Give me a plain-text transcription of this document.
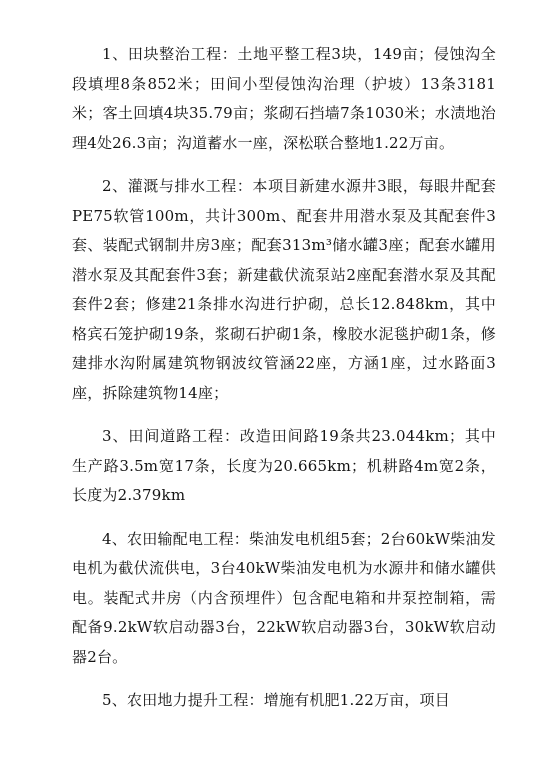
1、田块整治工程：土地平整工程3块，149亩；侵蚀沟全段填埋8条852米；田间小型侵蚀沟治理（护坡）13条3181米；客土回填4块35.79亩；浆砌石挡墙7条1030米；水渍地治理4处26.3亩；沟道蓄水一座，深松联合整地1.22万亩。

2、灌溉与排水工程：本项目新建水源井3眼，每眼井配套PE75软管100m，共计300m、配套井用潜水泵及其配套件3套、装配式钢制井房3座；配套313m³储水罐3座；配套水罐用潜水泵及其配套件3套；新建截伏流泵站2座配套潜水泵及其配套件2套；修建21条排水沟进行护砌，总长12.848km，其中格宾石笼护砌19条，浆砌石护砌1条，橡胶水泥毯护砌1条，修建排水沟附属建筑物钢波纹管涵22座，方涵1座，过水路面3座，拆除建筑物14座；

3、田间道路工程：改造田间路19条共23.044km；其中生产路3.5m宽17条，长度为20.665km；机耕路4m宽2条，长度为2.379km

4、农田输配电工程：柴油发电机组5套；2台60kW柴油发电机为截伏流供电，3台40kW柴油发电机为水源井和储水罐供电。装配式井房（内含预埋件）包含配电箱和井泵控制箱，需配备9.2kW软启动器3台，22kW软启动器3台，30kW软启动器2台。

5、农田地力提升工程：增施有机肥1.22万亩，项目
